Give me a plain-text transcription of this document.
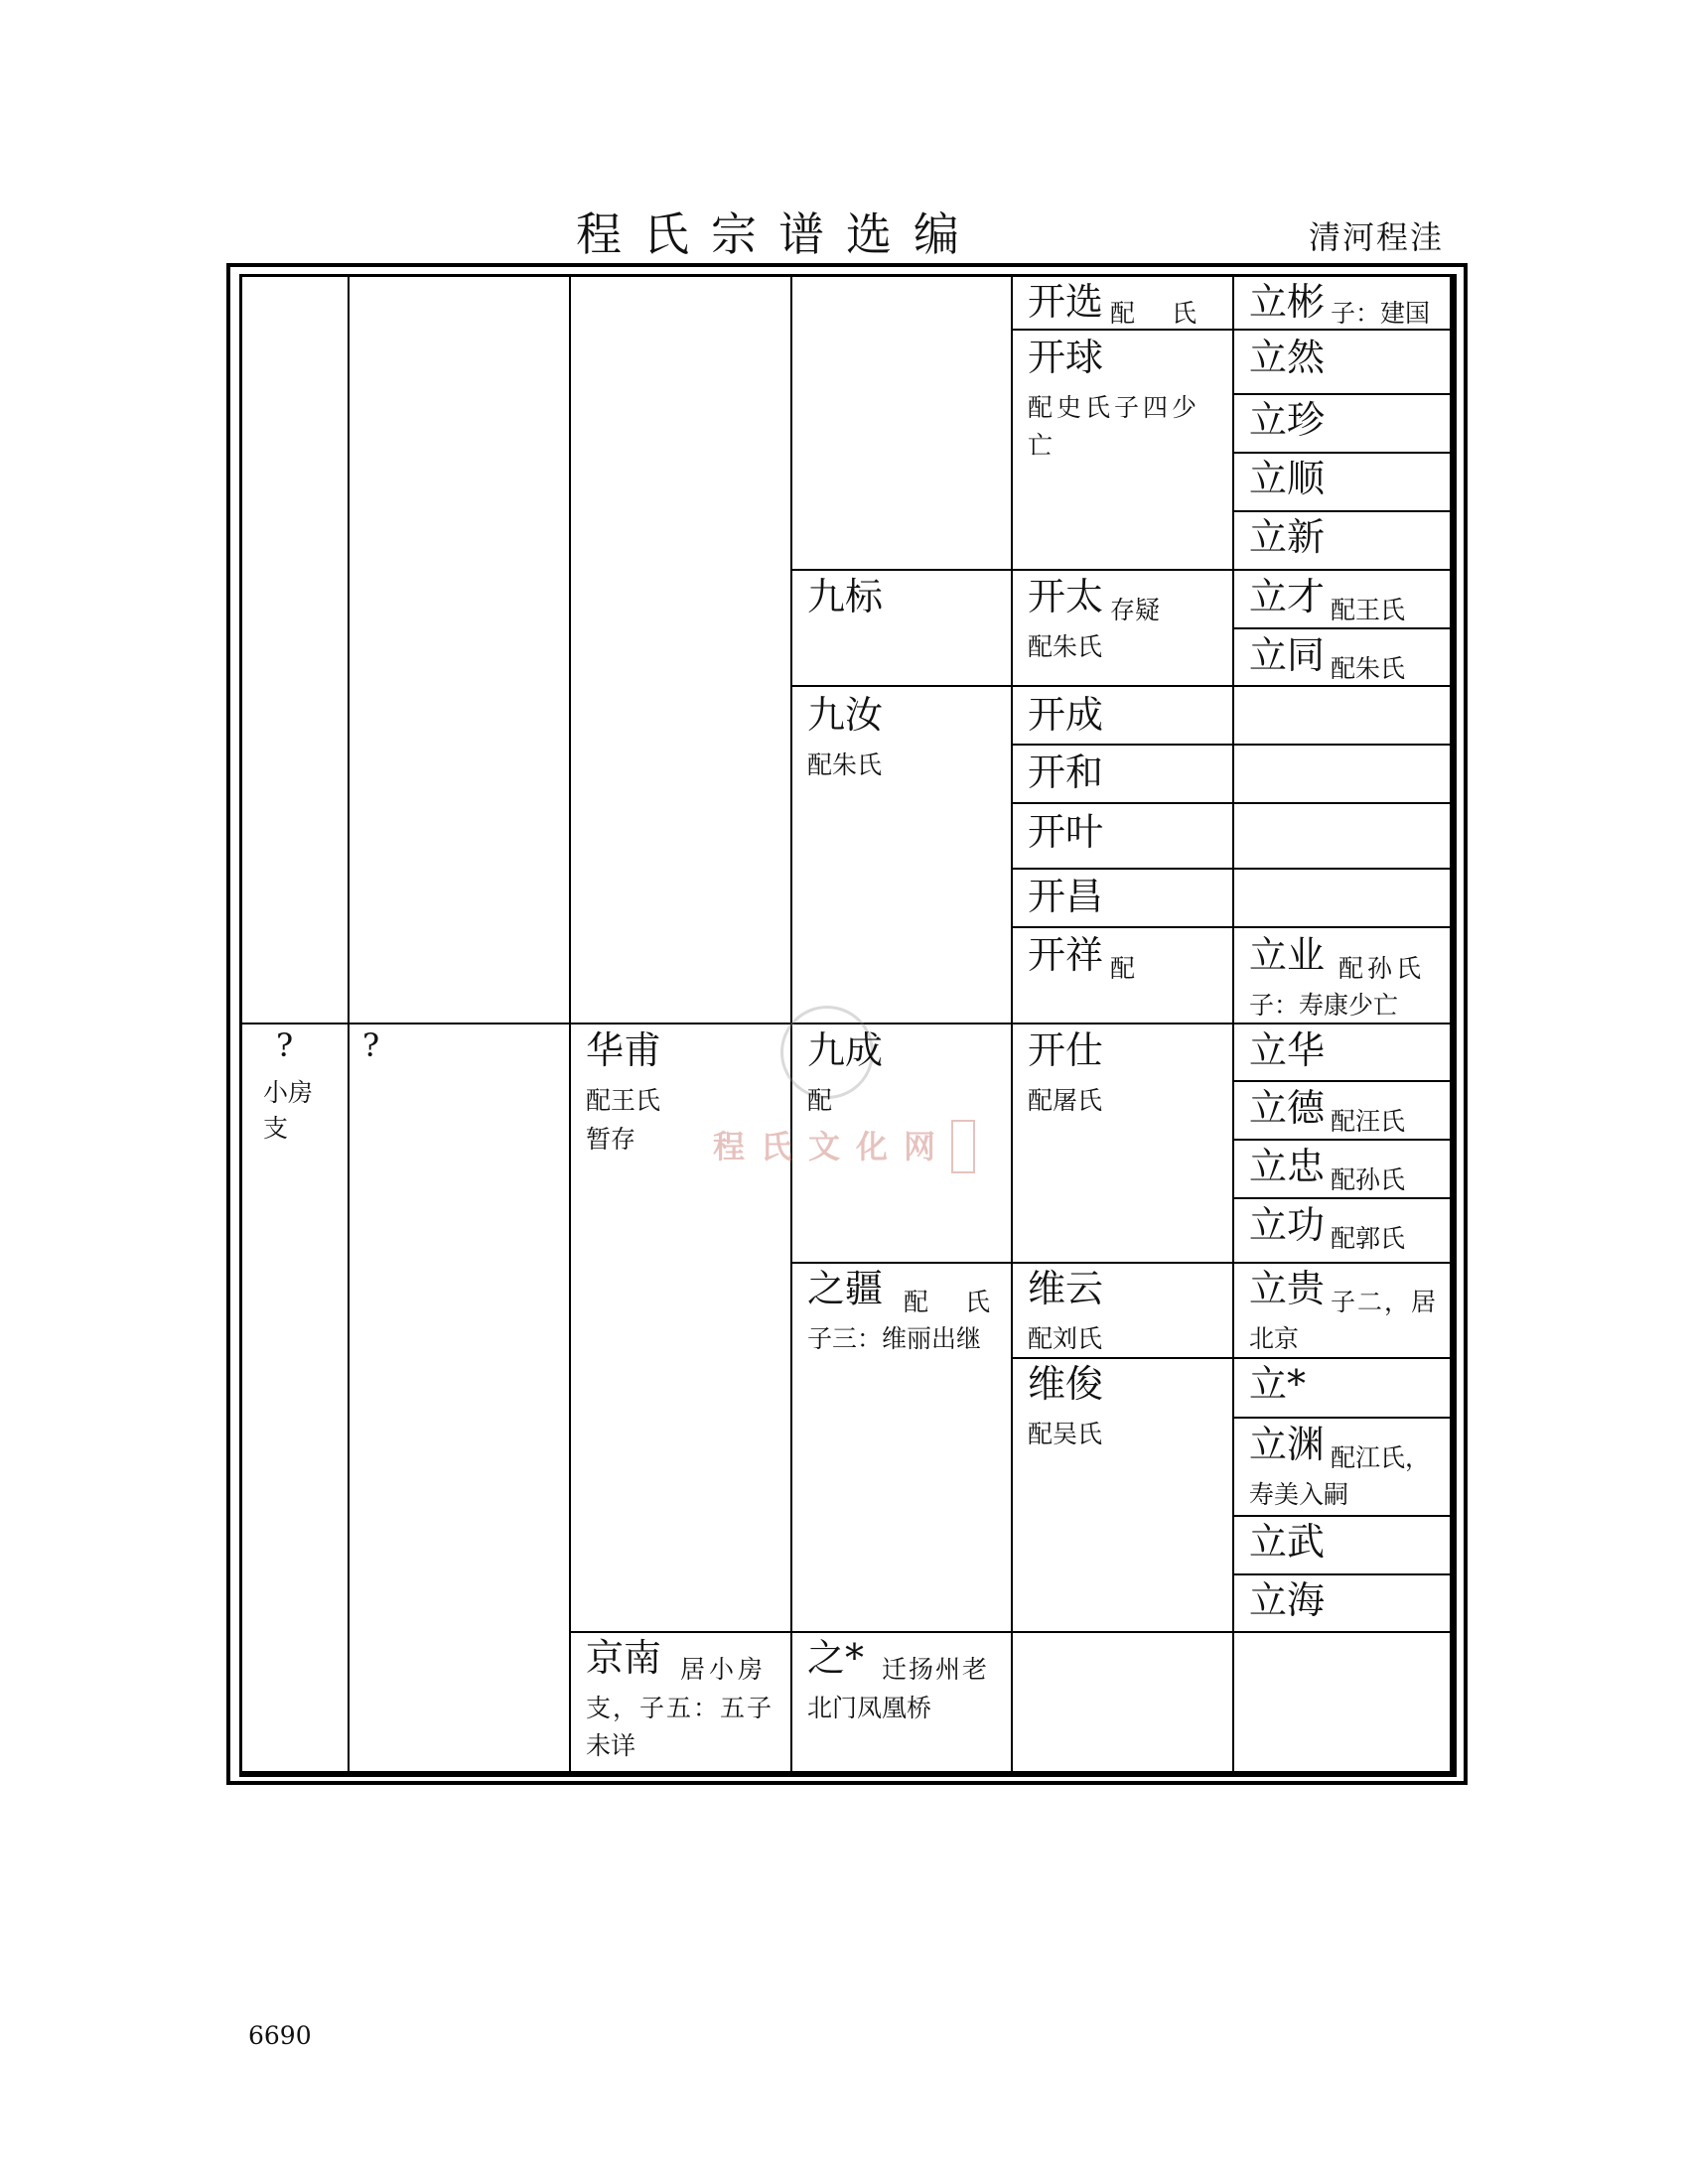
程氏宗谱选编	清河程洼
程氏文化网
?
小房支
?	华甫
配王氏
暂存
京南 居小房
支，子五：五子
未详
九标
九汝
配朱氏
九成
配
之疆 配　氏
子三：维丽出继
之* 迁扬州老
北门凤凰桥
开选 配　氏
开球
配史氏子四少
亡
开太 存疑
配朱氏
开成
开和
开叶
开昌
开祥 配
开仕
配屠氏
维云
配刘氏
维俊
配吴氏
立彬 子：建国
立然
立珍
立顺
立新
立才 配王氏
立同 配朱氏
立业 配孙氏
子：寿康少亡
立华
立德 配汪氏
立忠 配孙氏
立功 配郭氏
立贵 子二，居
北京
立*
立渊 配江氏，
寿美入嗣
立武
立海
6690
